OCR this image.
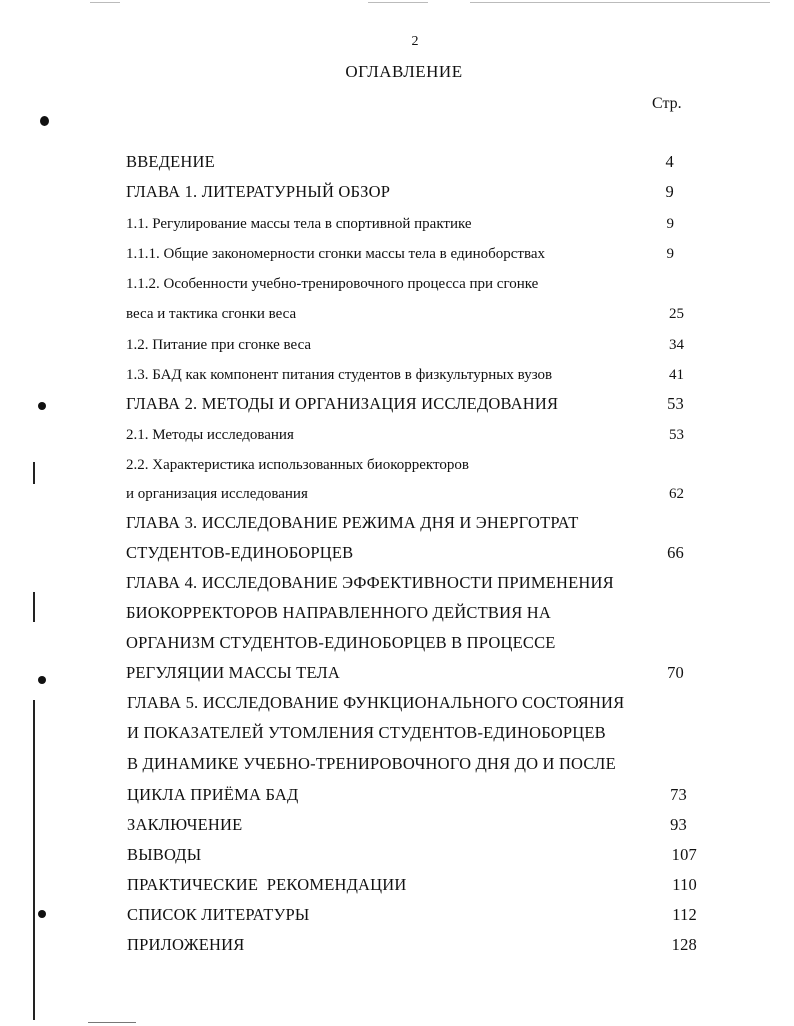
2
ОГЛАВЛЕНИЕ
Стр.
ВВЕДЕНИЕ	4
ГЛАВА 1. ЛИТЕРАТУРНЫЙ ОБЗОР	9
1.1. Регулирование массы тела в спортивной практике	9
1.1.1. Общие закономерности сгонки массы тела в единоборствах	9
1.1.2. Особенности учебно-тренировочного процесса при сгонке
веса и тактика сгонки веса	25
1.2. Питание при сгонке веса	34
1.3. БАД как компонент питания студентов в физкультурных вузов	41
ГЛАВА 2. МЕТОДЫ И ОРГАНИЗАЦИЯ ИССЛЕДОВАНИЯ	53
2.1. Методы исследования	53
2.2. Характеристика использованных биокорректоров
и организация исследования	62
ГЛАВА 3. ИССЛЕДОВАНИЕ РЕЖИМА ДНЯ И ЭНЕРГОТРАТ
СТУДЕНТОВ-ЕДИНОБОРЦЕВ	66
ГЛАВА 4. ИССЛЕДОВАНИЕ ЭФФЕКТИВНОСТИ ПРИМЕНЕНИЯ
БИОКОРРЕКТОРОВ НАПРАВЛЕННОГО ДЕЙСТВИЯ НА
ОРГАНИЗМ СТУДЕНТОВ-ЕДИНОБОРЦЕВ В ПРОЦЕССЕ
РЕГУЛЯЦИИ МАССЫ ТЕЛА	70
ГЛАВА 5. ИССЛЕДОВАНИЕ ФУНКЦИОНАЛЬНОГО СОСТОЯНИЯ
И ПОКАЗАТЕЛЕЙ УТОМЛЕНИЯ СТУДЕНТОВ-ЕДИНОБОРЦЕВ
В ДИНАМИКЕ УЧЕБНО-ТРЕНИРОВОЧНОГО ДНЯ ДО И ПОСЛЕ
ЦИКЛА ПРИЁМА БАД	73
ЗАКЛЮЧЕНИЕ	93
ВЫВОДЫ	107
ПРАКТИЧЕСКИЕ  РЕКОМЕНДАЦИИ	110
СПИСОК ЛИТЕРАТУРЫ	112
ПРИЛОЖЕНИЯ	128
